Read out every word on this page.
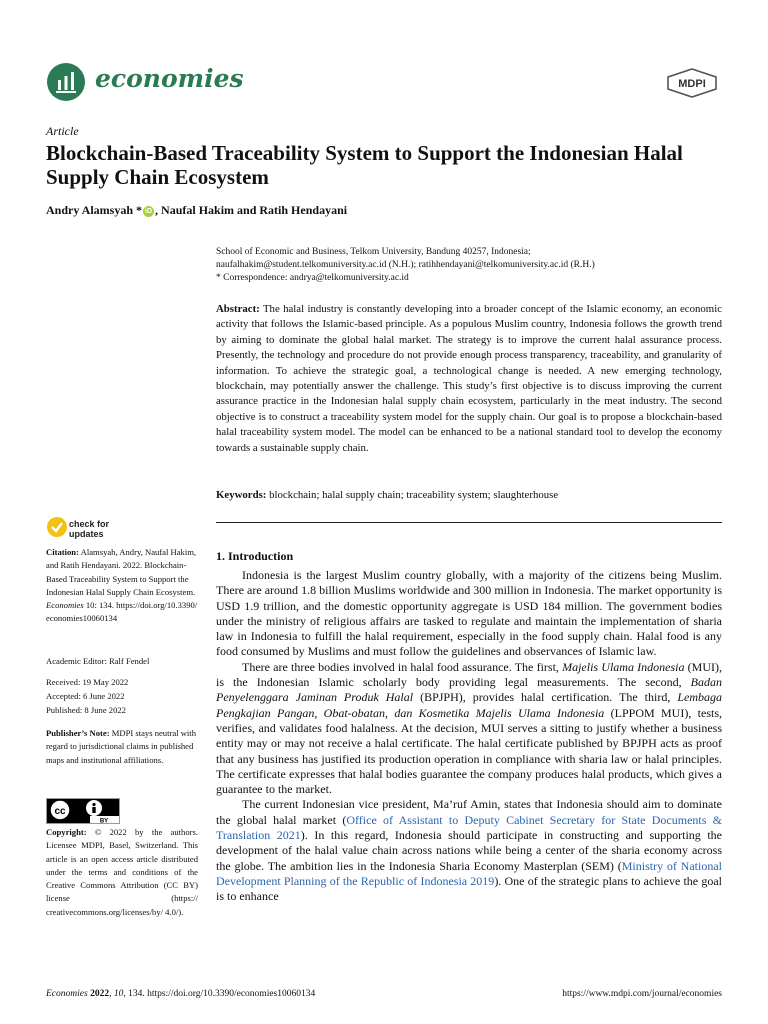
economies	MDPI
Article
Blockchain-Based Traceability System to Support the Indonesian Halal Supply Chain Ecosystem
Andry Alamsyah * iD , Naufal Hakim and Ratih Hendayani
School of Economic and Business, Telkom University, Bandung 40257, Indonesia;
naufalhakim@student.telkomuniversity.ac.id (N.H.); ratihhendayani@telkomuniversity.ac.id (R.H.)
* Correspondence: andrya@telkomuniversity.ac.id
Abstract: The halal industry is constantly developing into a broader concept of the Islamic economy, an economic activity that follows the Islamic-based principle. As a populous Muslim country, Indonesia follows the growth trend by aiming to dominate the global halal market. The strategy is to improve the current halal assurance process. Presently, the technology and procedure do not provide enough process transparency, traceability, and granularity of information. To achieve the strategic goal, a technological change is needed. A new emerging technology, blockchain, may potentially answer the challenge. This study’s first objective is to discuss improving the current assurance practice in the Indonesian halal supply chain ecosystem, particularly in the meat industry. The second objective is to construct a traceability system model for the supply chain. Our goal is to propose a blockchain-based halal traceability system model. The model can be enhanced to be a national standard tool to develop the economy towards a sustainable supply chain.
Keywords: blockchain; halal supply chain; traceability system; slaughterhouse
check for
updates
Citation: Alamsyah, Andry, Naufal Hakim, and Ratih Hendayani. 2022. Blockchain-Based Traceability System to Support the Indonesian Halal Supply Chain Ecosystem. Economies 10: 134. https://doi.org/10.3390/ economies10060134
Academic Editor: Ralf Fendel
Received: 19 May 2022
Accepted: 6 June 2022
Published: 8 June 2022
Publisher’s Note: MDPI stays neutral with regard to jurisdictional claims in published maps and institutional affiliations.
cc
BY
Copyright: © 2022 by the authors. Licensee MDPI, Basel, Switzerland. This article is an open access article distributed under the terms and conditions of the Creative Commons Attribution (CC BY) license (https:// creativecommons.org/licenses/by/ 4.0/).
1. Introduction

Indonesia is the largest Muslim country globally, with a majority of the citizens being Muslim. There are around 1.8 billion Muslims worldwide and 300 million in Indonesia. The market opportunity is USD 1.9 trillion, and the domestic opportunity aggregate is USD 184 million. The government bodies under the ministry of religious affairs are tasked to regulate and maintain the implementation of sharia law in Indonesia to fulfill the halal requirement, especially in the food supply chain. Halal food is any food consumed by Muslims and must follow the guidelines and observances of Islamic law.

There are three bodies involved in halal food assurance. The first, Majelis Ulama Indonesia (MUI), is the Indonesian Islamic scholarly body providing legal measurements. The second, Badan Penyelenggara Jaminan Produk Halal (BPJPH), provides halal certification. The third, Lembaga Pengkajian Pangan, Obat-obatan, dan Kosmetika Majelis Ulama Indonesia (LPPOM MUI), tests, verifies, and validates food halalness. At the decision, MUI serves a sitting to justify whether a business entity may or may not receive a halal certificate. The halal certificate published by BPJPH acts as proof that any business has justified its production operation in compliance with sharia law or halal principles. The certificate expresses that halal bodies guarantee the company produces halal products, which gives a guarantee to the market.

The current Indonesian vice president, Ma’ruf Amin, states that Indonesia should aim to dominate the global halal market (Office of Assistant to Deputy Cabinet Secretary for State Documents & Translation 2021). In this regard, Indonesia should participate in constructing and supporting the development of the halal value chain across nations while being a center of the sharia economy across the globe. The ambition lies in the Indonesia Sharia Economy Masterplan (SEM) (Ministry of National Development Planning of the Republic of Indonesia 2019). One of the strategic plans to achieve the goal is to enhance

Economies 2022, 10, 134. https://doi.org/10.3390/economies10060134	https://www.mdpi.com/journal/economies
